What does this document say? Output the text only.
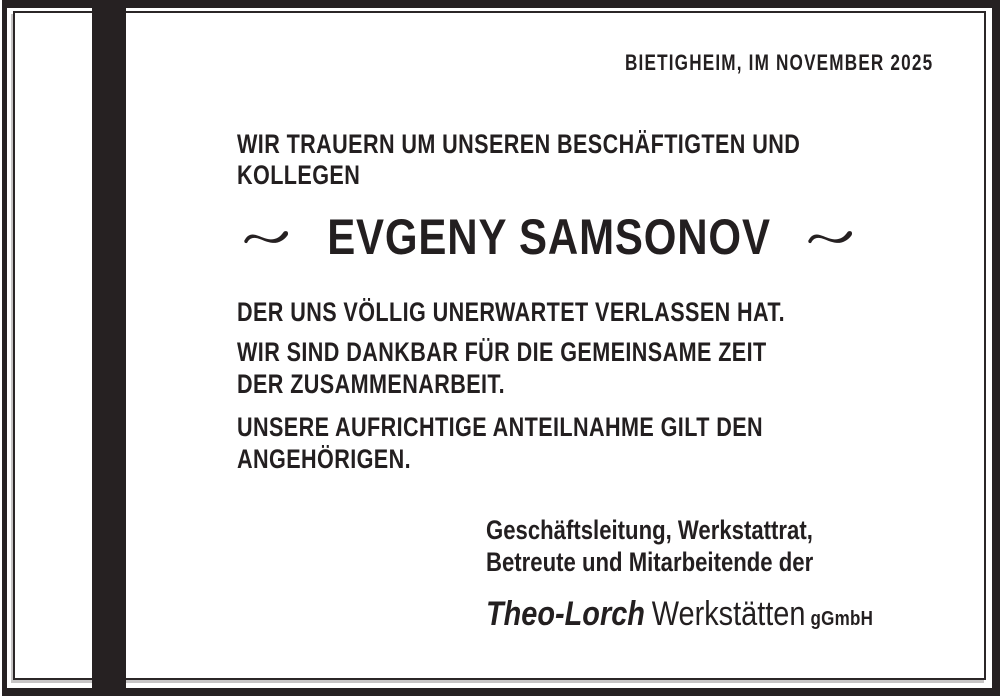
BIETIGHEIM, IM NOVEMBER 2025
WIR TRAUERN UM UNSEREN BESCHÄFTIGTEN UND
KOLLEGEN
EVGENY SAMSONOV
DER UNS VÖLLIG UNERWARTET VERLASSEN HAT.
WIR SIND DANKBAR FÜR DIE GEMEINSAME ZEIT
DER ZUSAMMENARBEIT.
UNSERE AUFRICHTIGE ANTEILNAHME GILT DEN
ANGEHÖRIGEN.
Geschäftsleitung, Werkstattrat,
Betreute und Mitarbeitende der
Theo-Lorch Werkstätten gGmbH
